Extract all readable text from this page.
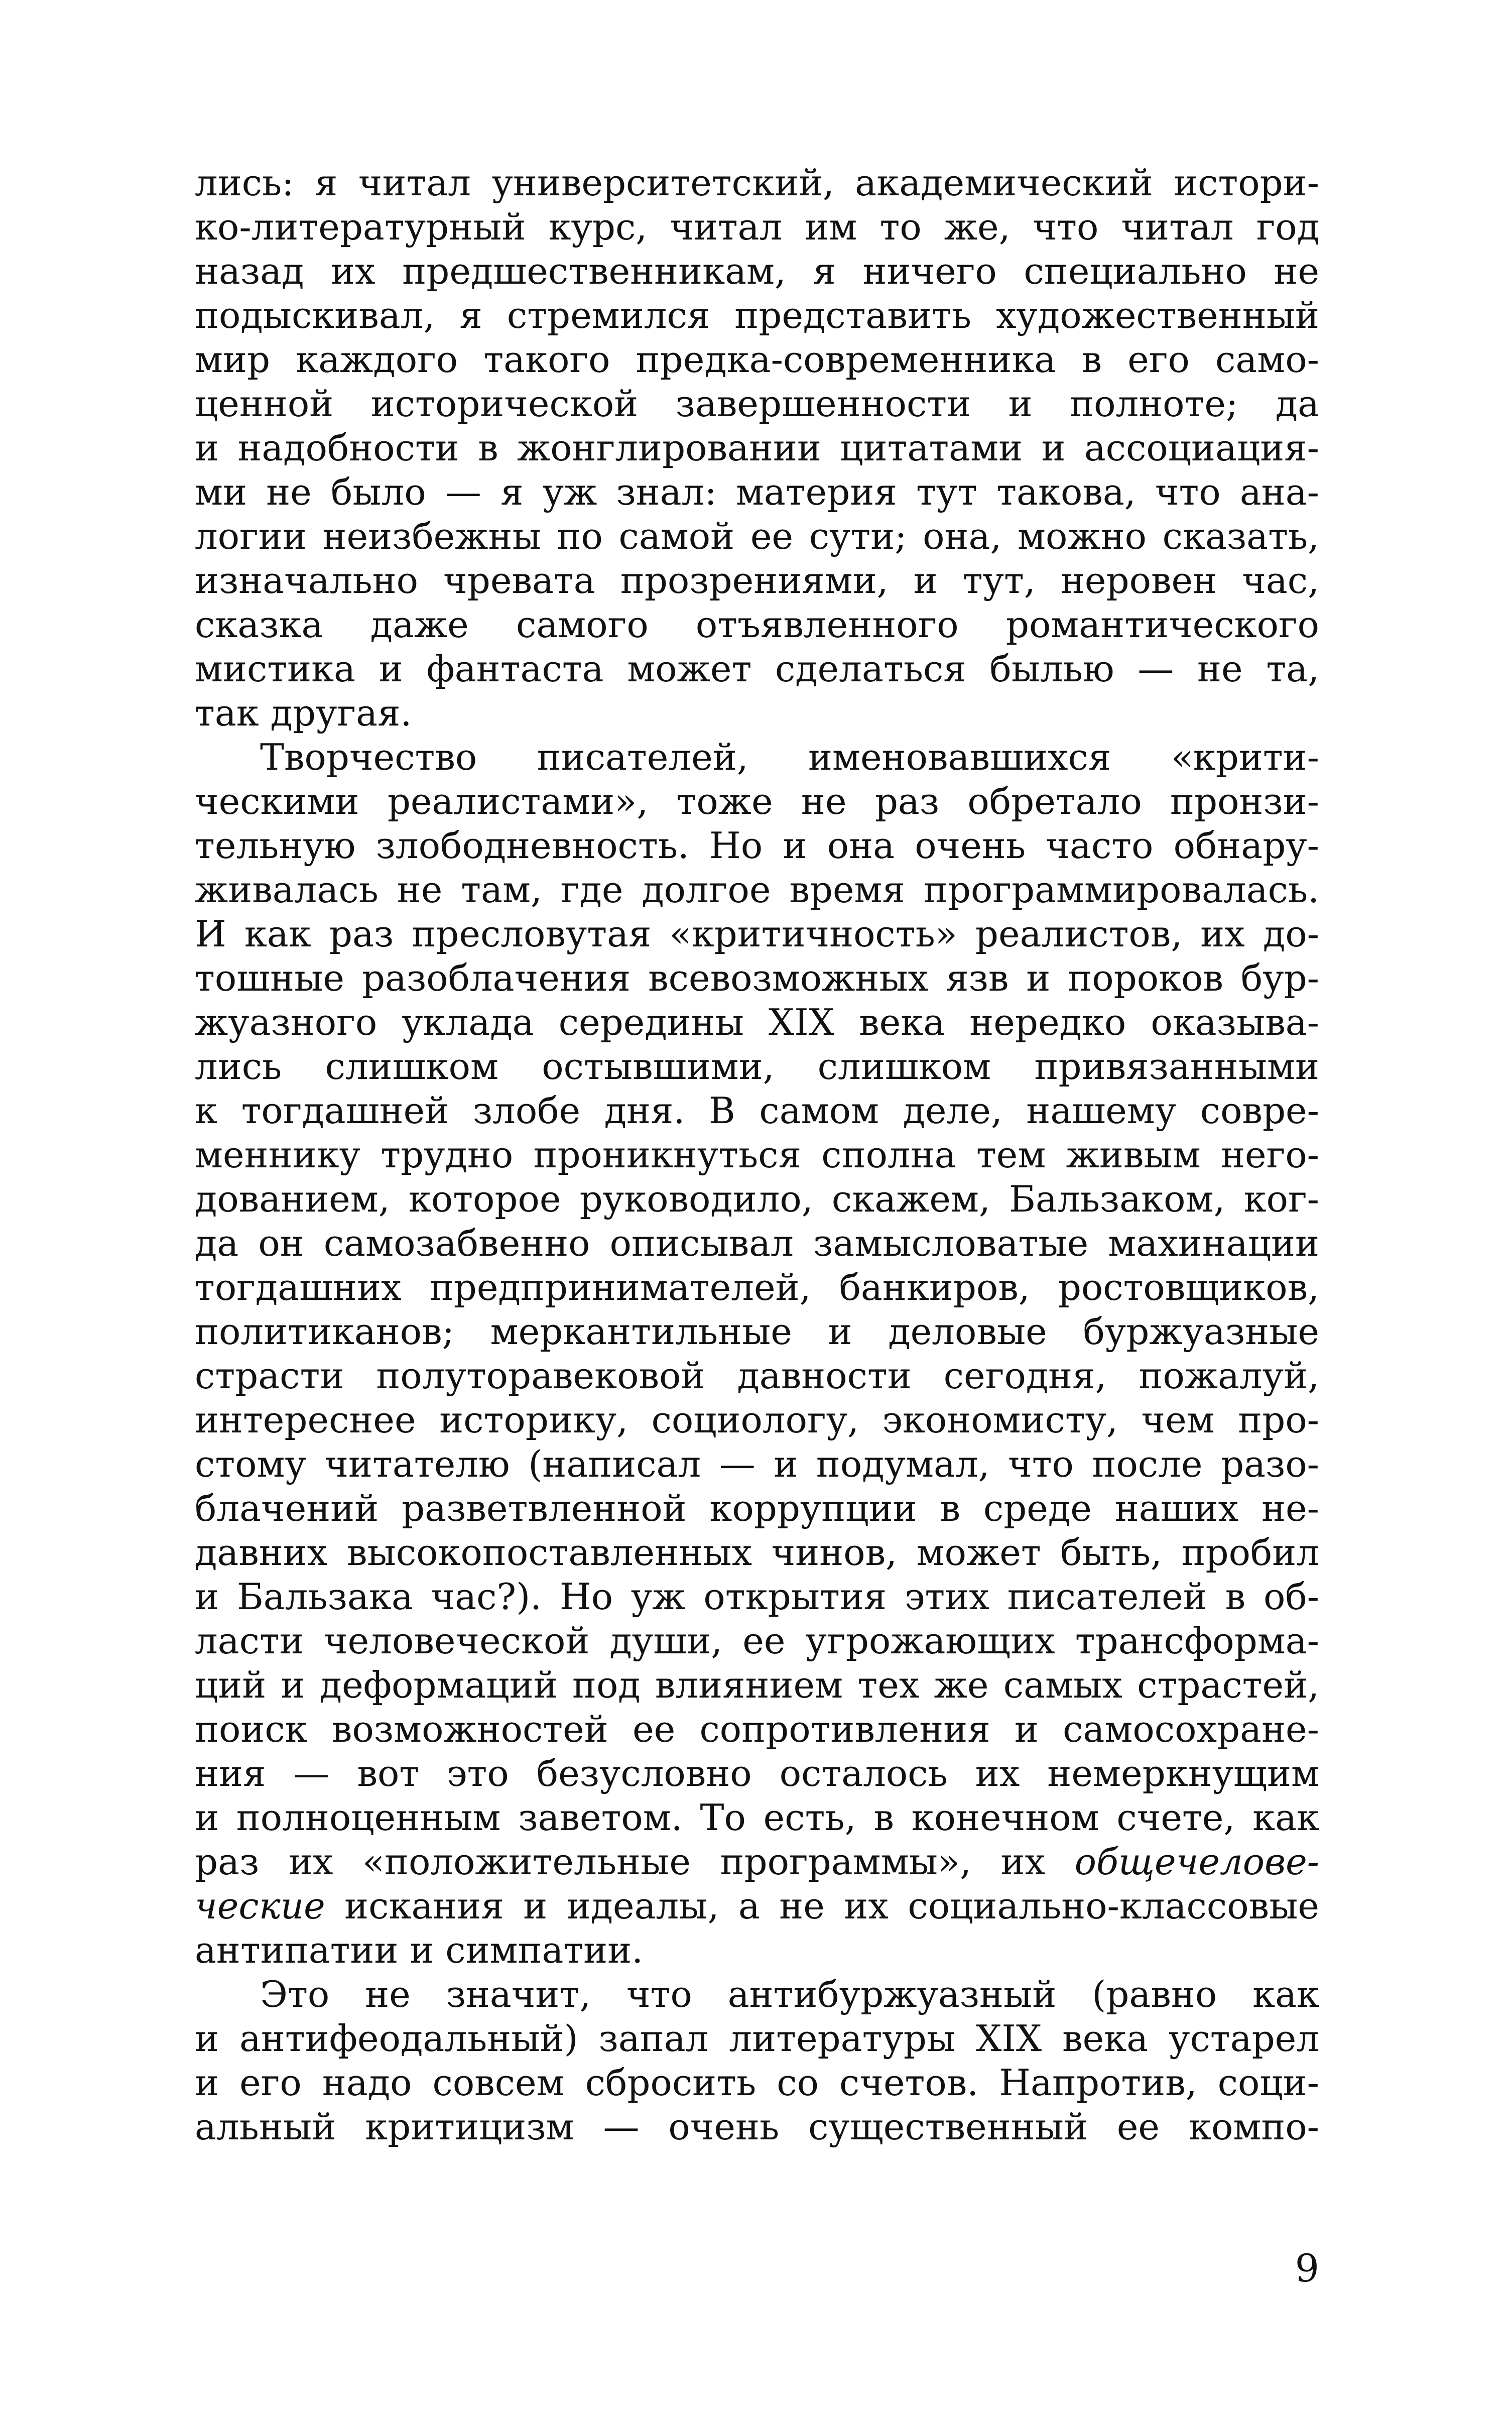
лись: я читал университетский, академический истори-
ко-литературный курс, читал им то же, что читал год
назад их предшественникам, я ничего специально не
подыскивал, я стремился представить художественный
мир каждого такого предка-современника в его само-
ценной исторической завершенности и полноте; да
и надобности в жонглировании цитатами и ассоциация-
ми не было — я уж знал: материя тут такова, что ана-
логии неизбежны по самой ее сути; она, можно сказать,
изначально чревата прозрениями, и тут, неровен час,
сказка даже самого отъявленного романтического
мистика и фантаста может сделаться былью — не та,
так другая.
Творчество писателей, именовавшихся «крити-
ческими реалистами», тоже не раз обретало пронзи-
тельную злободневность. Но и она очень часто обнару-
живалась не там, где долгое время программировалась.
И как раз пресловутая «критичность» реалистов, их до-
тошные разоблачения всевозможных язв и пороков бур-
жуазного уклада середины XIX века нередко оказыва-
лись слишком остывшими, слишком привязанными
к тогдашней злобе дня. В самом деле, нашему совре-
меннику трудно проникнуться сполна тем живым него-
дованием, которое руководило, скажем, Бальзаком, ког-
да он самозабвенно описывал замысловатые махинации
тогдашних предпринимателей, банкиров, ростовщиков,
политиканов; меркантильные и деловые буржуазные
страсти полуторавековой давности сегодня, пожалуй,
интереснее историку, социологу, экономисту, чем про-
стому читателю (написал — и подумал, что после разо-
блачений разветвленной коррупции в среде наших не-
давних высокопоставленных чинов, может быть, пробил
и Бальзака час?). Но уж открытия этих писателей в об-
ласти человеческой души, ее угрожающих трансформа-
ций и деформаций под влиянием тех же самых страстей,
поиск возможностей ее сопротивления и самосохране-
ния — вот это безусловно осталось их немеркнущим
и полноценным заветом. То есть, в конечном счете, как
раз их «положительные программы», их общечелове-
ческие искания и идеалы, а не их социально-классовые
антипатии и симпатии.
Это не значит, что антибуржуазный (равно как
и антифеодальный) запал литературы XIX века устарел
и его надо совсем сбросить со счетов. Напротив, соци-
альный критицизм — очень существенный ее компо-
9
